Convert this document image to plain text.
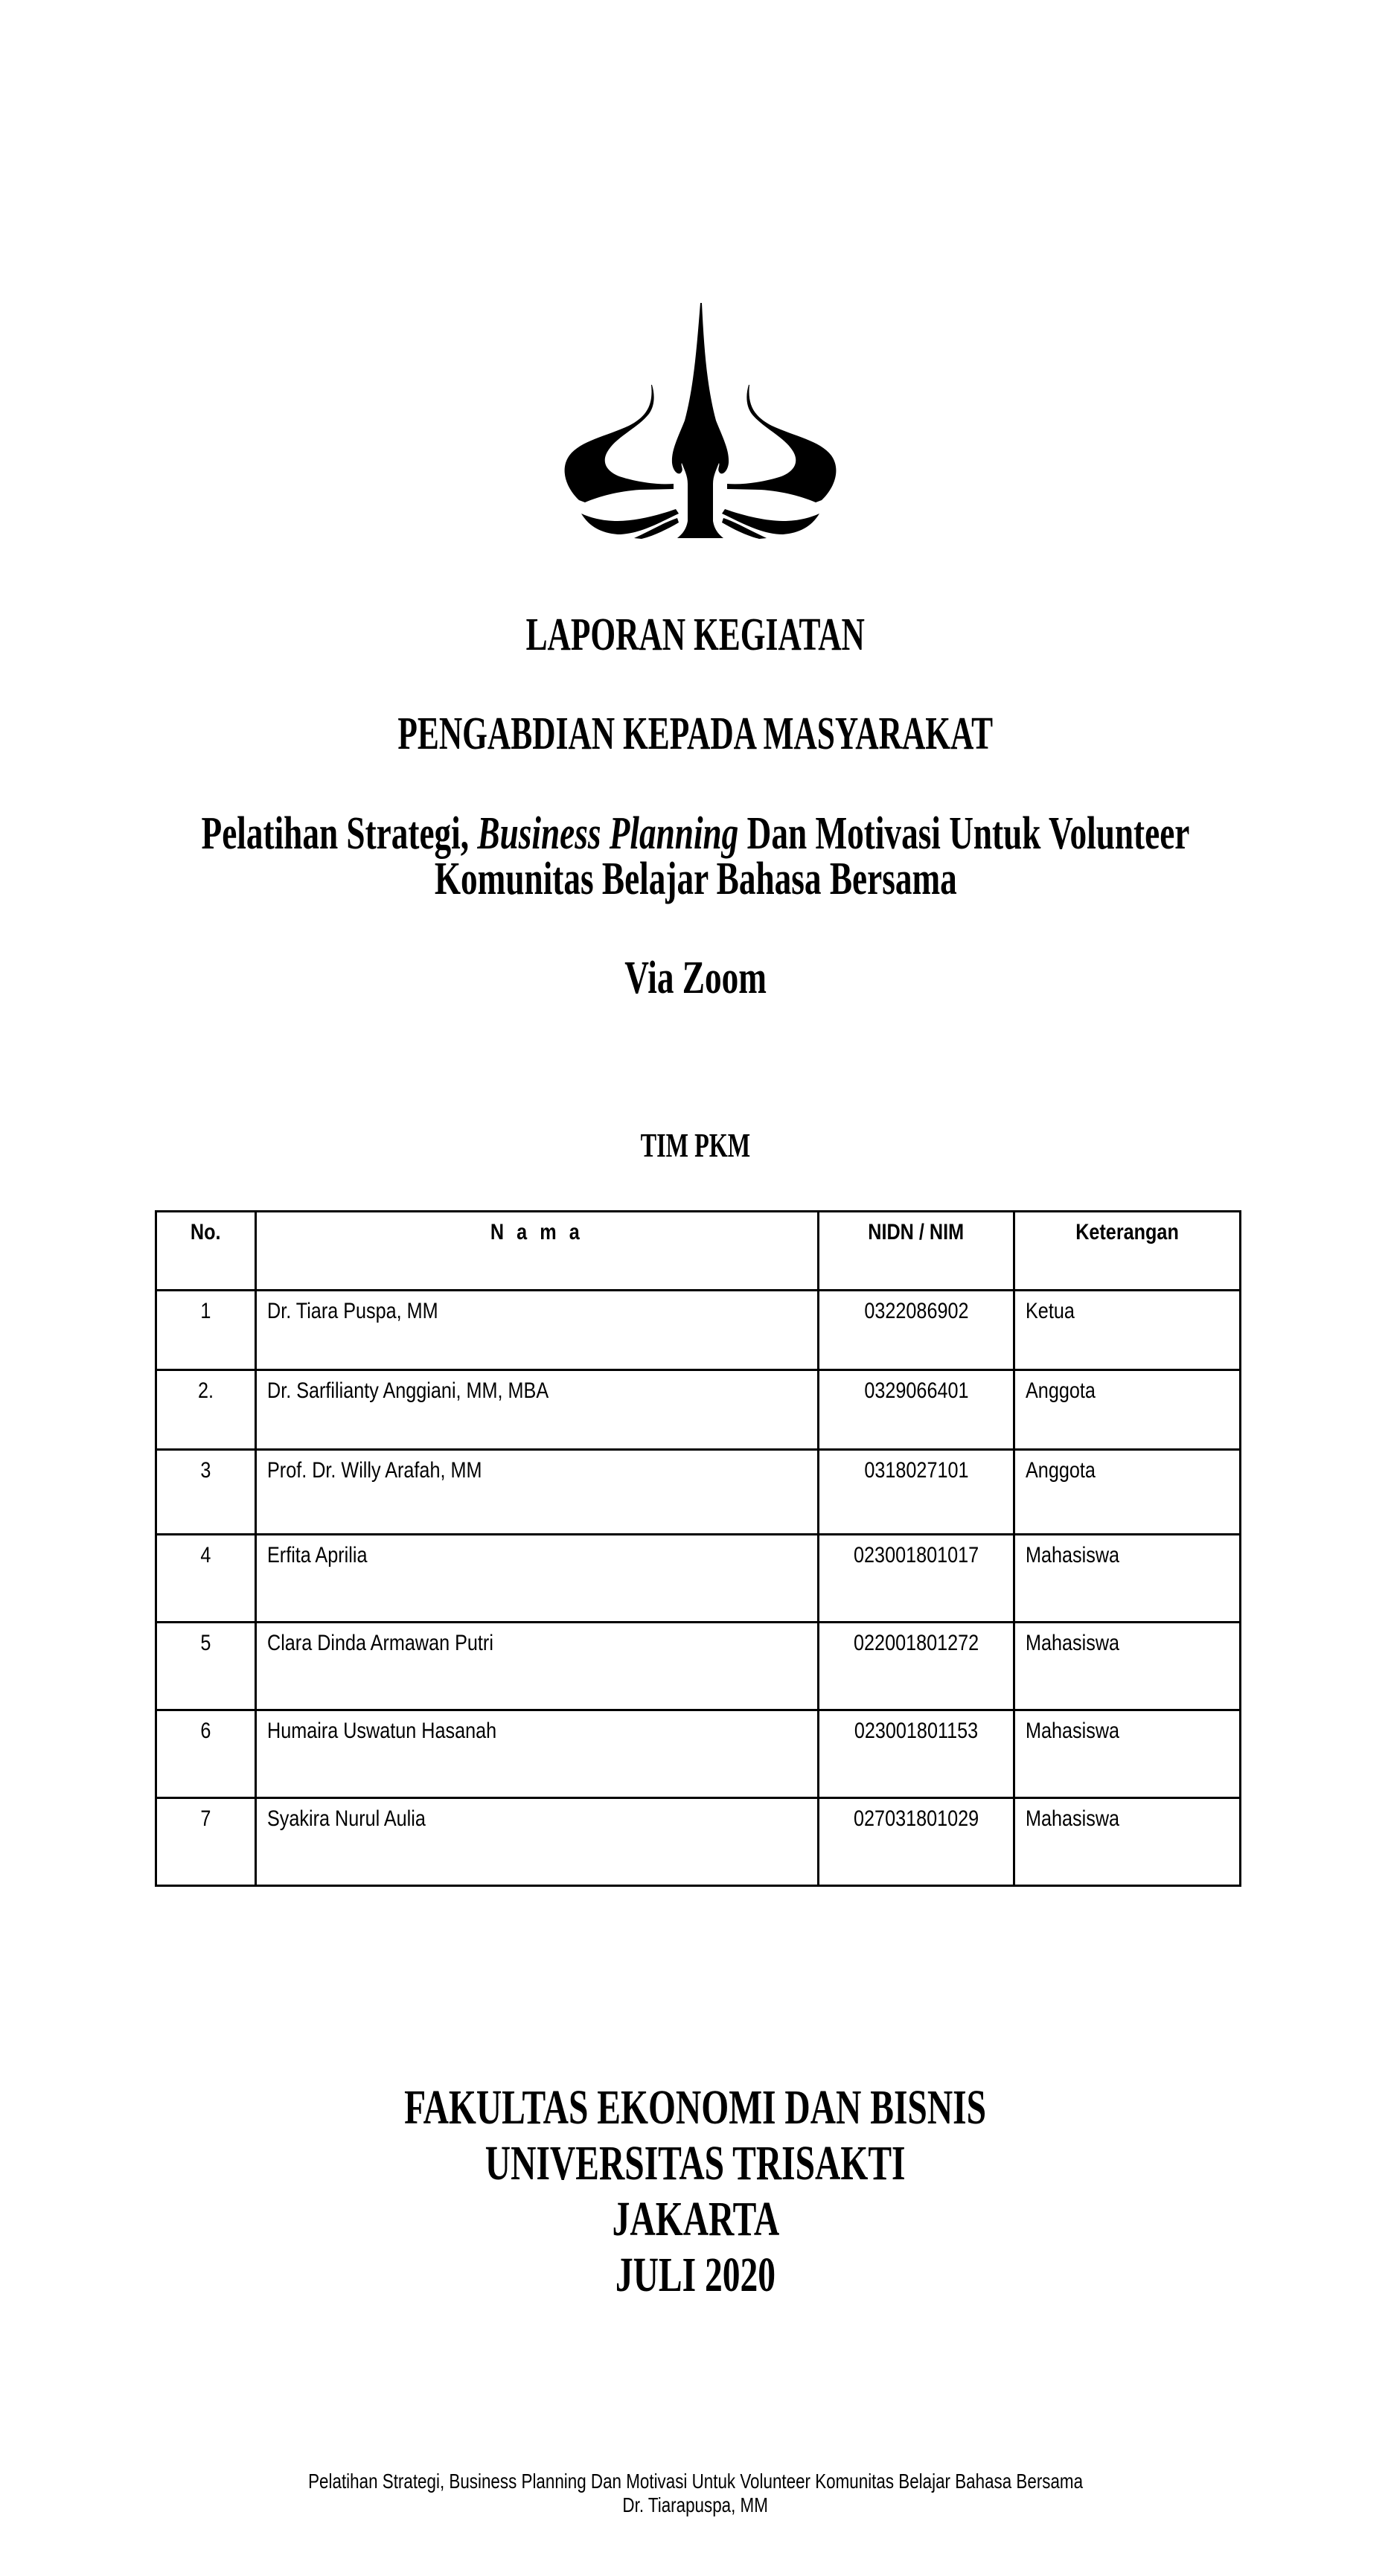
LAPORAN KEGIATAN
PENGABDIAN KEPADA MASYARAKAT
Pelatihan Strategi, Business Planning Dan Motivasi Untuk Volunteer
Komunitas Belajar Bahasa Bersama
Via Zoom
TIM PKM
No.	N a m a	NIDN / NIM	Keterangan
1	Dr. Tiara Puspa, MM	0322086902	Ketua
2.	Dr. Sarfilianty Anggiani, MM, MBA	0329066401	Anggota
3	Prof. Dr. Willy Arafah, MM	0318027101	Anggota
4	Erfita Aprilia	023001801017	Mahasiswa
5	Clara Dinda Armawan Putri	022001801272	Mahasiswa
6	Humaira Uswatun Hasanah	023001801153	Mahasiswa
7	Syakira Nurul Aulia	027031801029	Mahasiswa
FAKULTAS EKONOMI DAN BISNIS
UNIVERSITAS TRISAKTI
JAKARTA
JULI 2020
Pelatihan Strategi, Business Planning Dan Motivasi Untuk Volunteer Komunitas Belajar Bahasa Bersama
Dr. Tiarapuspa, MM
